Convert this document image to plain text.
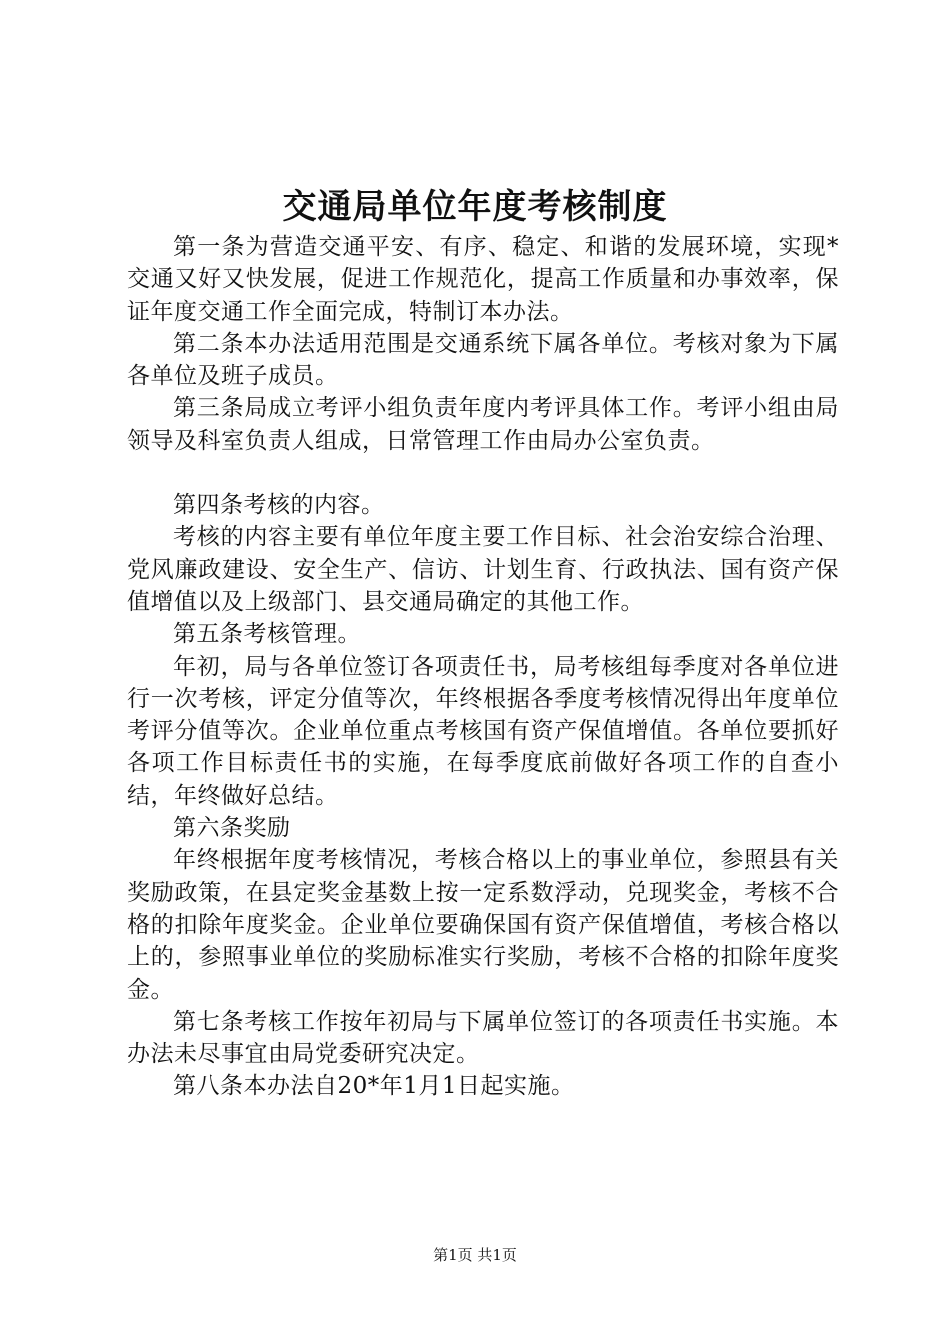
交通局单位年度考核制度

第一条为营造交通平安、有序、稳定、和谐的发展环境，实现*交通又好又快发展，促进工作规范化，提高工作质量和办事效率，保证年度交通工作全面完成，特制订本办法。

第二条本办法适用范围是交通系统下属各单位。考核对象为下属各单位及班子成员。

第三条局成立考评小组负责年度内考评具体工作。考评小组由局领导及科室负责人组成，日常管理工作由局办公室负责。

第四条考核的内容。

考核的内容主要有单位年度主要工作目标、社会治安综合治理、党风廉政建设、安全生产、信访、计划生育、行政执法、国有资产保值增值以及上级部门、县交通局确定的其他工作。

第五条考核管理。

年初，局与各单位签订各项责任书，局考核组每季度对各单位进行一次考核，评定分值等次，年终根据各季度考核情况得出年度单位考评分值等次。企业单位重点考核国有资产保值增值。各单位要抓好各项工作目标责任书的实施，在每季度底前做好各项工作的自查小结，年终做好总结。

第六条奖励

年终根据年度考核情况，考核合格以上的事业单位，参照县有关奖励政策，在县定奖金基数上按一定系数浮动，兑现奖金，考核不合格的扣除年度奖金。企业单位要确保国有资产保值增值，考核合格以上的，参照事业单位的奖励标准实行奖励，考核不合格的扣除年度奖金。

第七条考核工作按年初局与下属单位签订的各项责任书实施。本办法未尽事宜由局党委研究决定。

第八条本办法自20*年1月1日起实施。

第1页 共1页
